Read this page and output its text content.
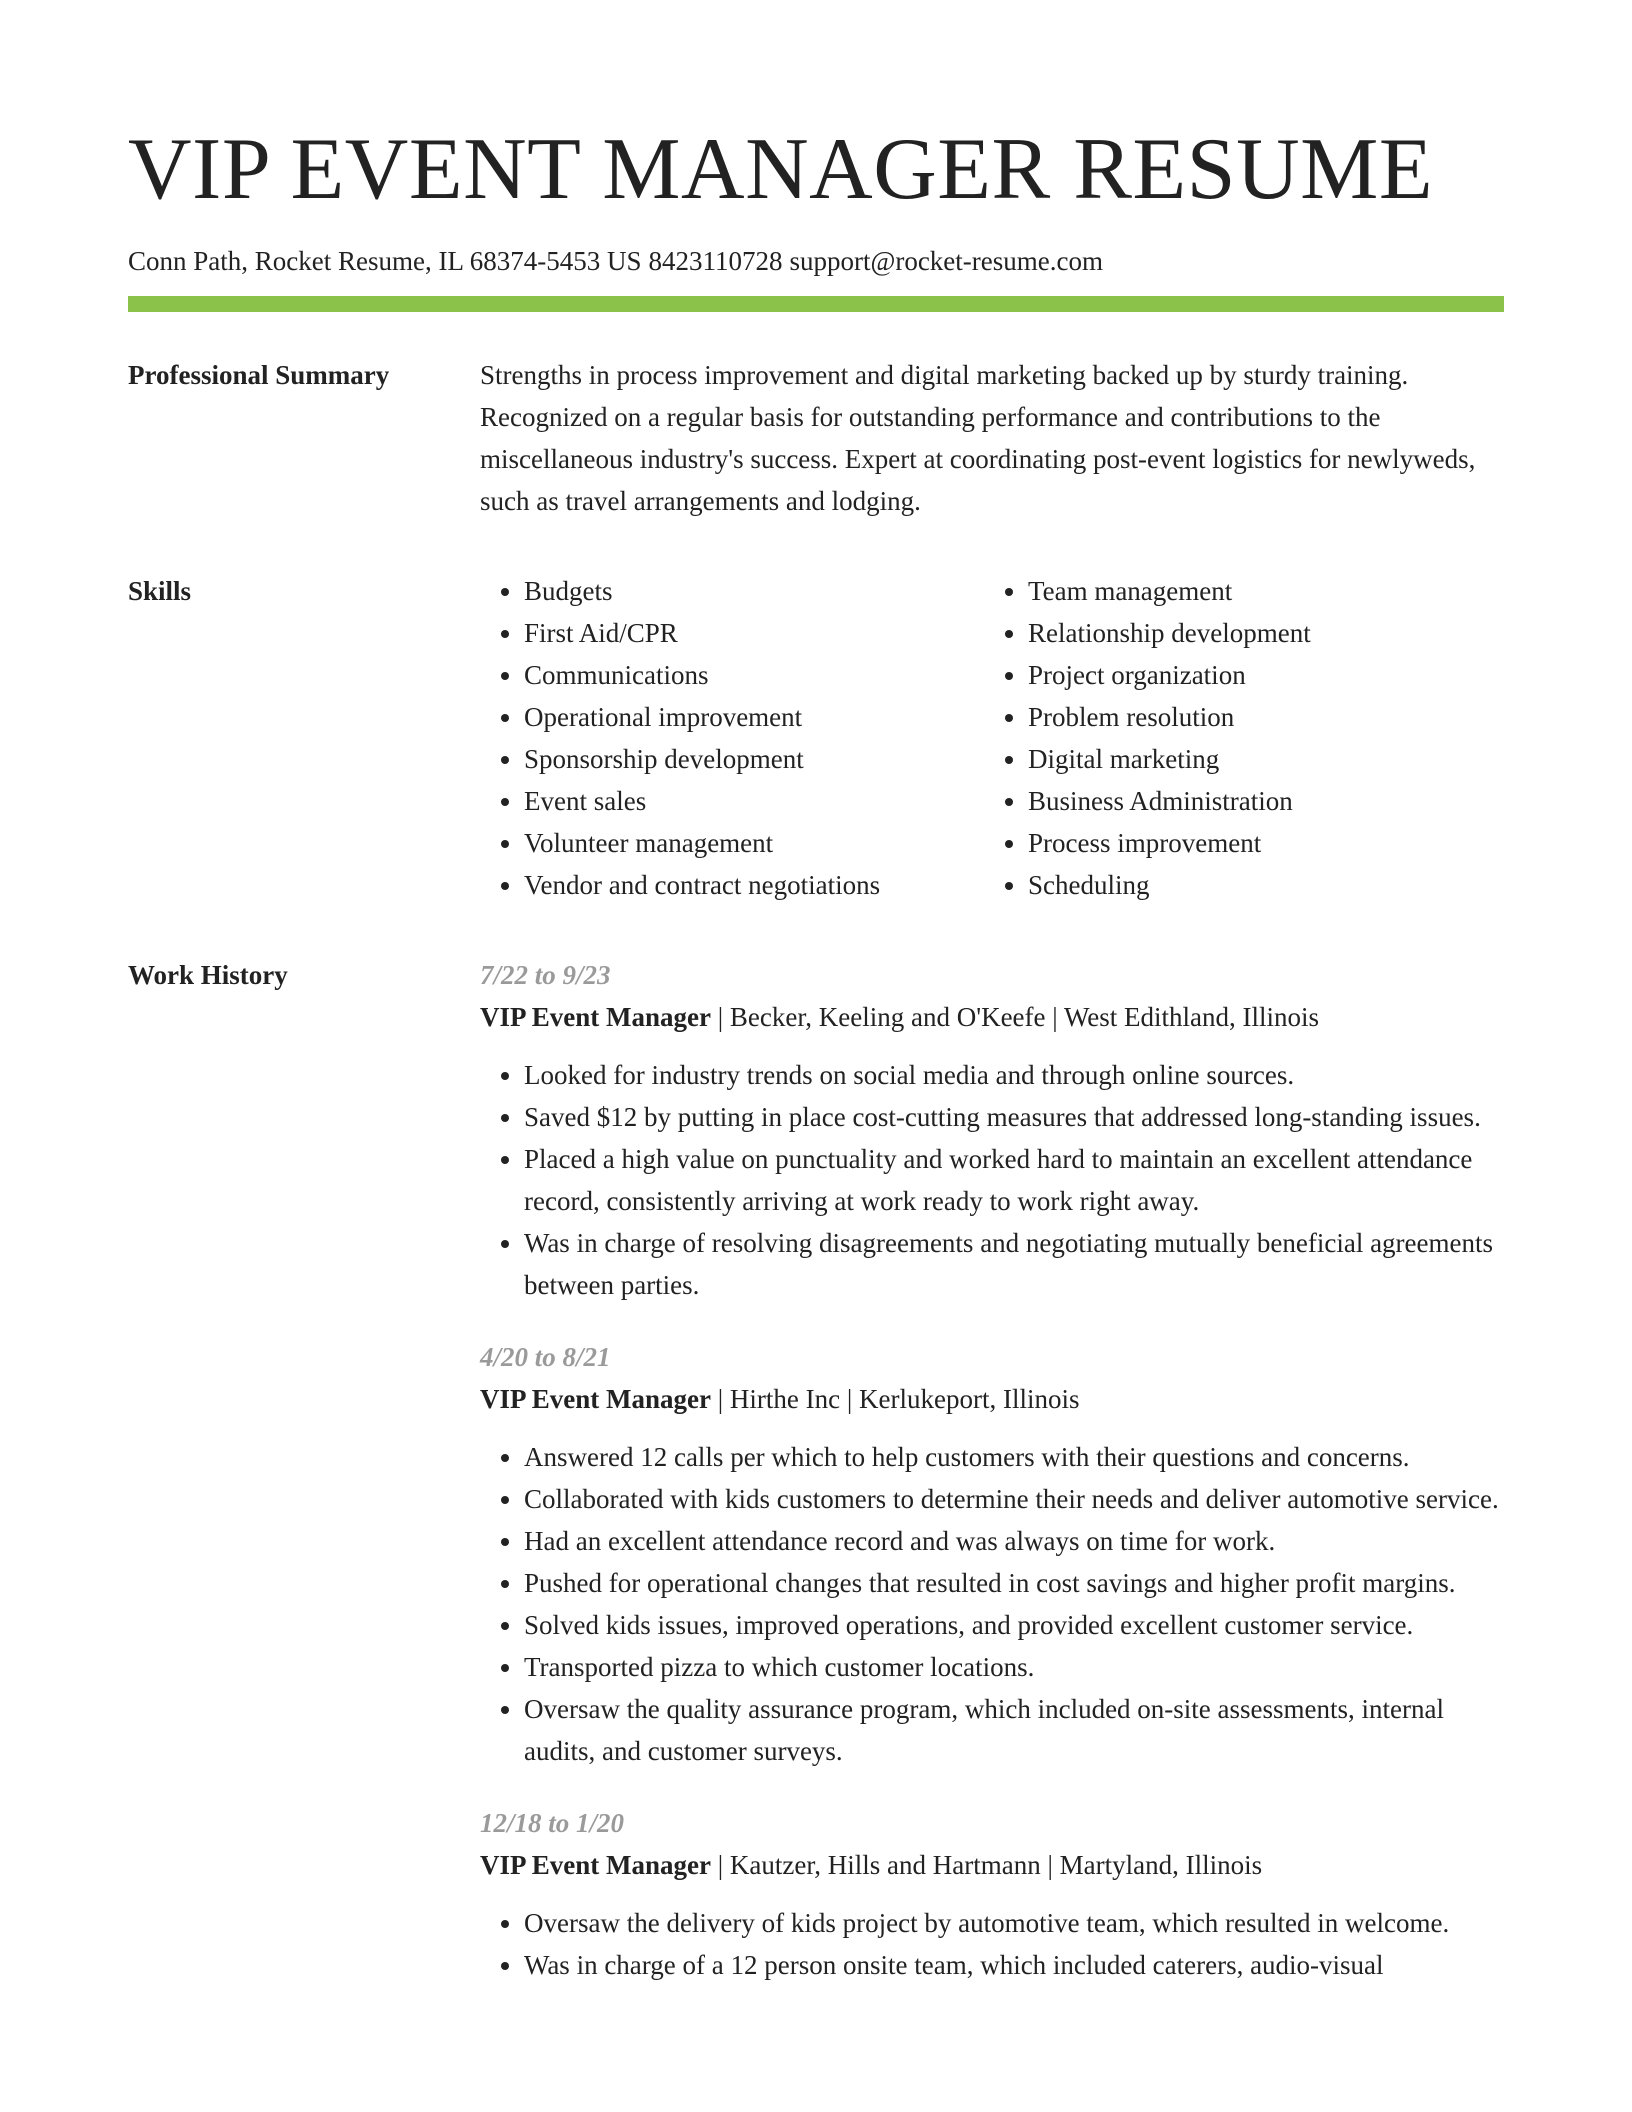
VIP EVENT MANAGER RESUME
Conn Path, Rocket Resume, IL 68374-5453 US 8423110728 support@rocket-resume.com
Professional Summary	Strengths in process improvement and digital marketing backed up by sturdy training. Recognized on a regular basis for outstanding performance and contributions to the miscellaneous industry's success. Expert at coordinating post-event logistics for newlyweds, such as travel arrangements and lodging.

Skills
•	Budgets
• First Aid/CPR
• Communications
• Operational improvement
• Sponsorship development
• Event sales
• Volunteer management
• Vendor and contract negotiations
• Team management
• Relationship development
• Project organization
• Problem resolution
• Digital marketing
• Business Administration
• Process improvement
• Scheduling
Work History	7/22 to 9/23
VIP Event Manager | Becker, Keeling and O'Keefe | West Edithland, Illinois
• Looked for industry trends on social media and through online sources.
• Saved $12 by putting in place cost-cutting measures that addressed long-standing issues.
• Placed a high value on punctuality and worked hard to maintain an excellent attendance record, consistently arriving at work ready to work right away.
• Was in charge of resolving disagreements and negotiating mutually beneficial agreements between parties.
4/20 to 8/21
VIP Event Manager | Hirthe Inc | Kerlukeport, Illinois
• Answered 12 calls per which to help customers with their questions and concerns.
• Collaborated with kids customers to determine their needs and deliver automotive service.
• Had an excellent attendance record and was always on time for work.
• Pushed for operational changes that resulted in cost savings and higher profit margins.
• Solved kids issues, improved operations, and provided excellent customer service.
• Transported pizza to which customer locations.
• Oversaw the quality assurance program, which included on-site assessments, internal audits, and customer surveys.
12/18 to 1/20
VIP Event Manager | Kautzer, Hills and Hartmann | Martyland, Illinois
• Oversaw the delivery of kids project by automotive team, which resulted in welcome.
• Was in charge of a 12 person onsite team, which included caterers, audio-visual
